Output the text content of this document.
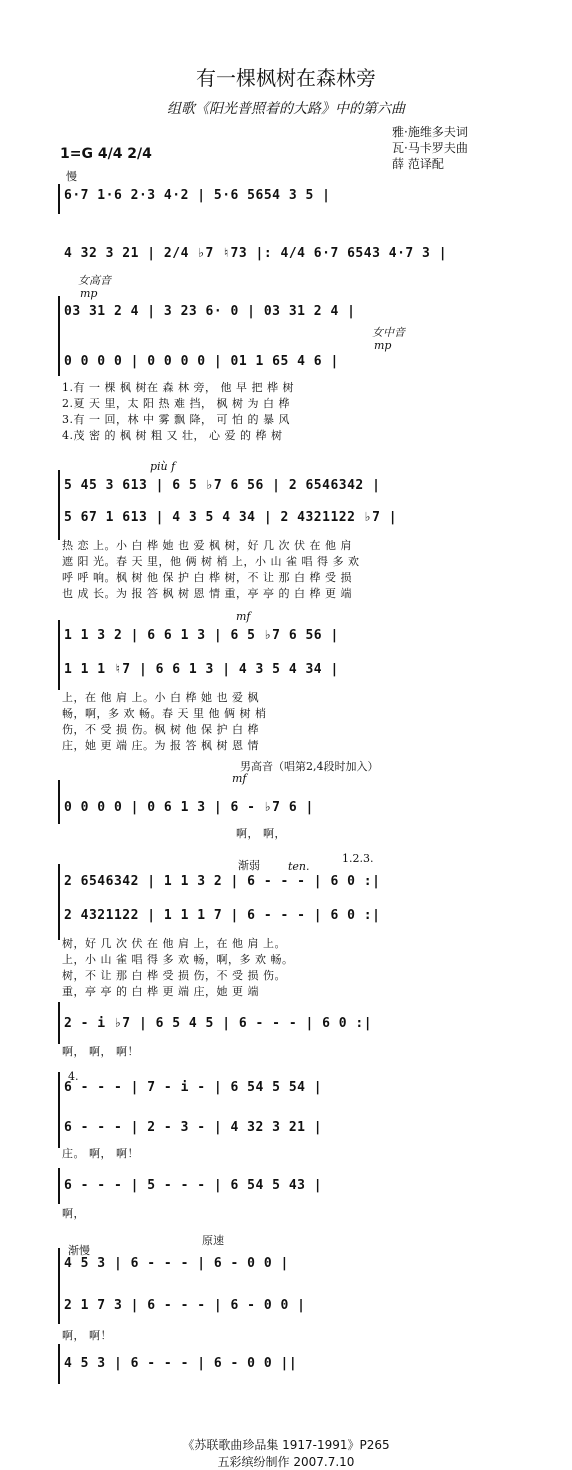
有一棵枫树在森林旁
组歌《阳光普照着的大路》中的第六曲
雅·施维多夫词
瓦·马卡罗夫曲
薛 范译配
1=G 4/4 2/4
慢
女高音
mp
女中音
mp
più f
mf
mf
男高音（唱第2,4段时加入）
渐弱	ten.
1.2.3.
4.
渐慢
原速
6·7 1·6 2·3 4·2 | 5·6 5654 3 5 |
4 32 3 21 | 2/4 ♭7 ♮73 |: 4/4 6·7 6543 4·7 3 |
03 31 2 4 | 3 23 6· 0 | 03 31 2 4 |
0 0 0 0 | 0 0 0 0 | 01 1 65 4 6 |
5 45 3 613 | 6 5 ♭7 6 56 | 2 6546342 |
5 67 1 613 | 4 3 5 4 34 | 2 4321122 ♭7 |
1 1 3 2 | 6 6 1 3 | 6 5 ♭7 6 56 |
1 1 1 ♮7 | 6 6 1 3 | 4 3 5 4 34 |
0 0 0 0 | 0 6 1 3 | 6 - ♭7 6 |
2 6546342 | 1 1 3 2 | 6 - - - | 6 0 :|
2 4321122 | 1 1 1 7 | 6 - - - | 6 0 :|
2 - i ♭7 | 6 5 4 5 | 6 - - - | 6 0 :|
6 - - - | 7 - i - | 6 54 5 54 |
6 - - - | 2 - 3 - | 4 32 3 21 |
6 - - - | 5 - - - | 6 54 5 43 |
4 5 3 | 6 - - - | 6 - 0 0 |
2 1 7 3 | 6 - - - | 6 - 0 0 |
4 5 3 | 6 - - - | 6 - 0 0 ||
1.有 一 棵 枫 树在 森 林 旁， 他 早 把 桦 树
2.夏 天 里，太 阳 热 难 挡， 枫 树 为 白 桦
3.有 一 回，林 中 雾 飘 降， 可 怕 的 暴 风
4.茂 密 的 枫 树 粗 又 壮， 心 爱 的 桦 树
热 恋 上。小 白 桦 她 也 爱 枫 树，好 几 次 伏 在 他 肩
遮 阳 光。春 天 里，他 俩 树 梢 上，小 山 雀 唱 得 多 欢
呼 呼 响。枫 树 他 保 护 白 桦 树，不 让 那 白 桦 受 损
也 成 长。为 报 答 枫 树 恩 情 重，亭 亭 的 白 桦 更 端
上，在 他 肩 上。小 白 桦 她 也 爱 枫
畅，啊，多 欢 畅。春 天 里 他 俩 树 梢
伤，不 受 损 伤。枫 树 他 保 护 白 桦
庄，她 更 端 庄。为 报 答 枫 树 恩 情
啊， 啊，
树，好 几 次 伏 在 他 肩 上，在 他 肩 上。
上，小 山 雀 唱 得 多 欢 畅，啊，多 欢 畅。
树，不 让 那 白 桦 受 损 伤，不 受 损 伤。
重，亭 亭 的 白 桦 更 端 庄，她 更 端
啊， 啊， 啊！
庄。 啊， 啊！
啊，
啊， 啊！
《苏联歌曲珍品集 1917-1991》P265
五彩缤纷制作 2007.7.10
